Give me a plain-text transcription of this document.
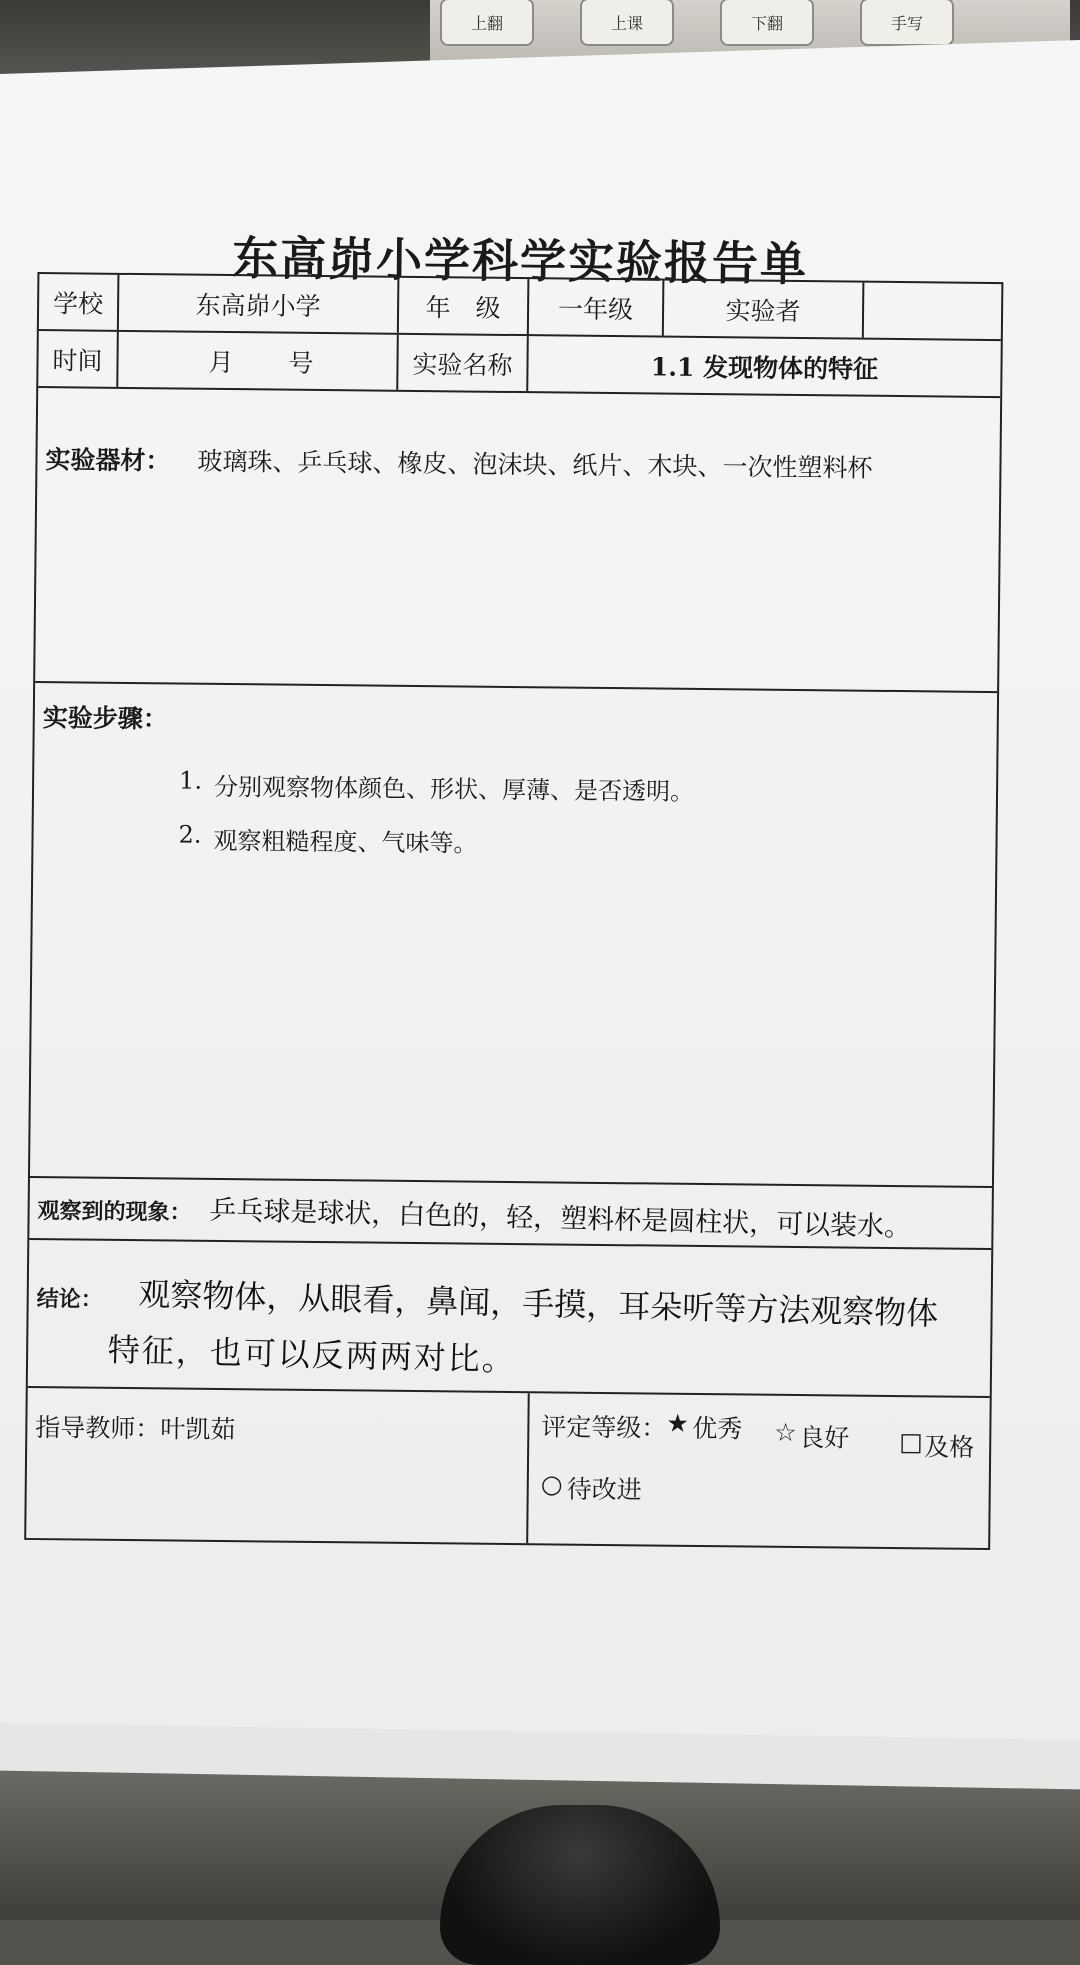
上翻	上课	下翻	手写
东高峁小学科学实验报告单
学校	东高峁小学	年　级	一年级	实验者
时间	月 号	实验名称	1.1 发现物体的特征
实验器材： 玻璃珠、乒乓球、橡皮、泡沫块、纸片、木块、一次性塑料杯
实验步骤：
1. 分别观察物体颜色、形状、厚薄、是否透明。
2. 观察粗糙程度、气味等。
观察到的现象： 乒乓球是球状，白色的，轻，塑料杯是圆柱状，可以装水。
结论： 观察物体，从眼看，鼻闻，手摸，耳朵听等方法观察物体
特征，也可以反两两对比。
指导教师： 叶凯茹	评定等级： ★ 优秀 ☆ 良好 □ 及格
○ 待改进
